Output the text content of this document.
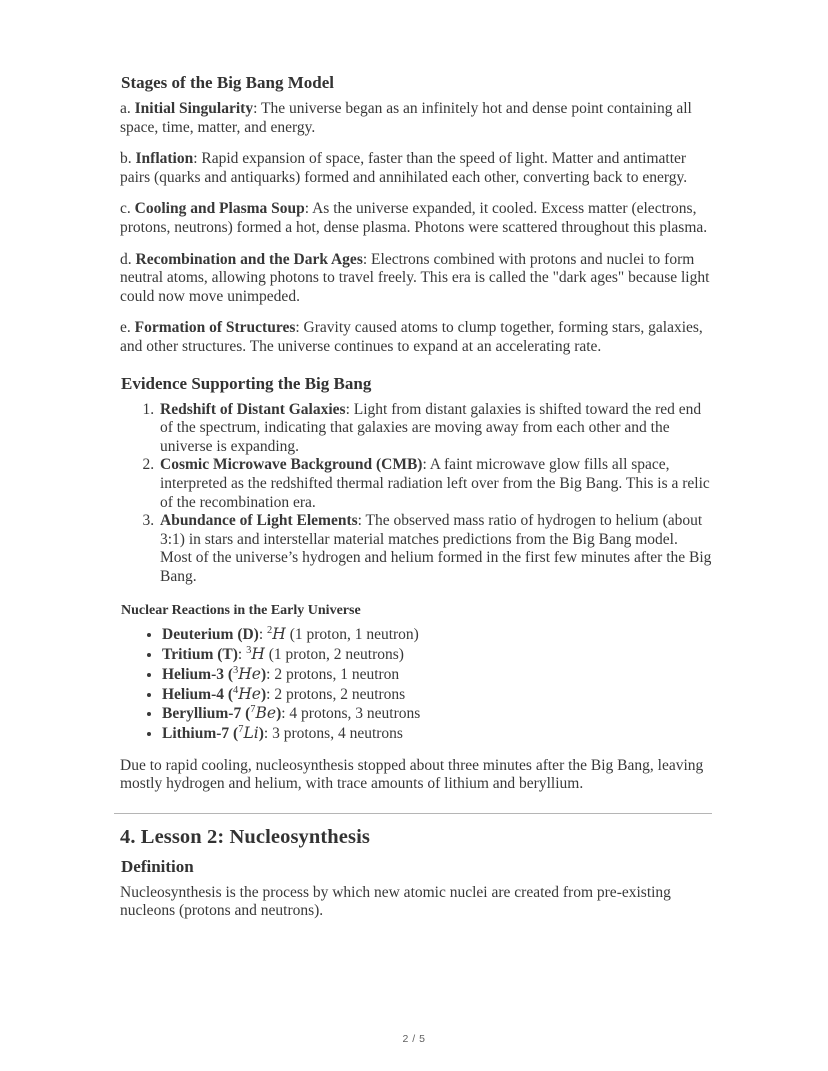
Stages of the Big Bang Model

a. Initial Singularity: The universe began as an infinitely hot and dense point containing all space, time, matter, and energy.

b. Inflation: Rapid expansion of space, faster than the speed of light. Matter and antimatter pairs (quarks and antiquarks) formed and annihilated each other, converting back to energy.

c. Cooling and Plasma Soup: As the universe expanded, it cooled. Excess matter (electrons, protons, neutrons) formed a hot, dense plasma. Photons were scattered throughout this plasma.

d. Recombination and the Dark Ages: Electrons combined with protons and nuclei to form neutral atoms, allowing photons to travel freely. This era is called the "dark ages" because light could now move unimpeded.

e. Formation of Structures: Gravity caused atoms to clump together, forming stars, galaxies, and other structures. The universe continues to expand at an accelerating rate.

Evidence Supporting the Big Bang
1. Redshift of Distant Galaxies: Light from distant galaxies is shifted toward the red end of the spectrum, indicating that galaxies are moving away from each other and the universe is expanding.
2. Cosmic Microwave Background (CMB): A faint microwave glow fills all space, interpreted as the redshifted thermal radiation left over from the Big Bang. This is a relic of the recombination era.
3. Abundance of Light Elements: The observed mass ratio of hydrogen to helium (about 3:1) in stars and interstellar material matches predictions from the Big Bang model. Most of the universe’s hydrogen and helium formed in the first few minutes after the Big Bang.
Nuclear Reactions in the Early Universe
• Deuterium (D): $^2$H (1 proton, 1 neutron)
• Tritium (T): $^3$H (1 proton, 2 neutrons)
• Helium-3 ($^3$He): 2 protons, 1 neutron
• Helium-4 ($^4$He): 2 protons, 2 neutrons
• Beryllium-7 ($^7$Be): 4 protons, 3 neutrons
• Lithium-7 ($^7$Li): 3 protons, 4 neutrons

Due to rapid cooling, nucleosynthesis stopped about three minutes after the Big Bang, leaving mostly hydrogen and helium, with trace amounts of lithium and beryllium.

4. Lesson 2: Nucleosynthesis
Definition

Nucleosynthesis is the process by which new atomic nuclei are created from pre-existing nucleons (protons and neutrons).

2 / 5
